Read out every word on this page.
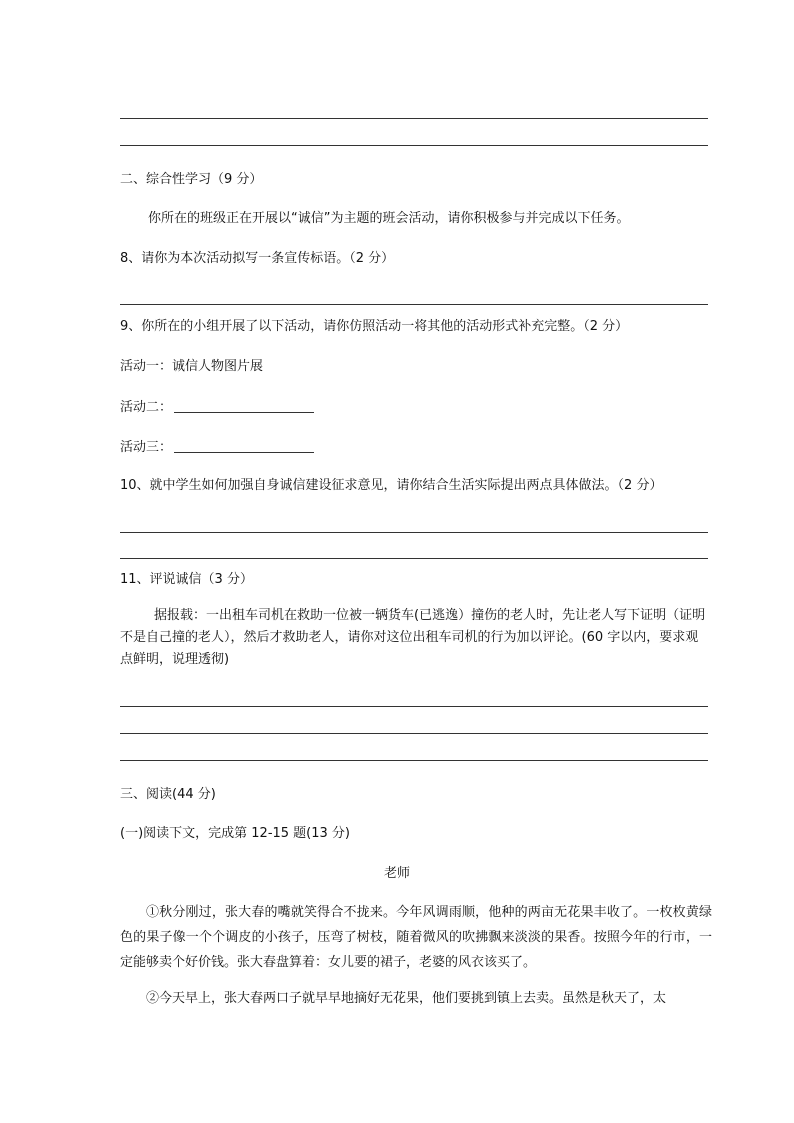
二、综合性学习（9 分）
你所在的班级正在开展以“诚信”为主题的班会活动，请你积极参与并完成以下任务。
8、请你为本次活动拟写一条宣传标语。（2 分）
9、你所在的小组开展了以下活动，请你仿照活动一将其他的活动形式补充完整。（2 分）
活动一：诚信人物图片展
活动二：
活动三：
10、就中学生如何加强自身诚信建设征求意见，请你结合生活实际提出两点具体做法。（2 分）
11、评说诚信（3 分）
据报载：一出租车司机在救助一位被一辆货车(已逃逸）撞伤的老人时，先让老人写下证明（证明不是自己撞的老人），然后才救助老人，请你对这位出租车司机的行为加以评论。(60 字以内，要求观点鲜明，说理透彻)
三、阅读(44 分)
(一)阅读下文，完成第 12-15 题(13 分)
老师
①秋分刚过，张大春的嘴就笑得合不拢来。今年风调雨顺，他种的两亩无花果丰收了。一枚枚黄绿色的果子像一个个调皮的小孩子，压弯了树枝，随着微风的吹拂飘来淡淡的果香。按照今年的行市，一定能够卖个好价钱。张大春盘算着：女儿要的裙子，老婆的风衣该买了。
②今天早上，张大春两口子就早早地摘好无花果，他们要挑到镇上去卖。虽然是秋天了，太
